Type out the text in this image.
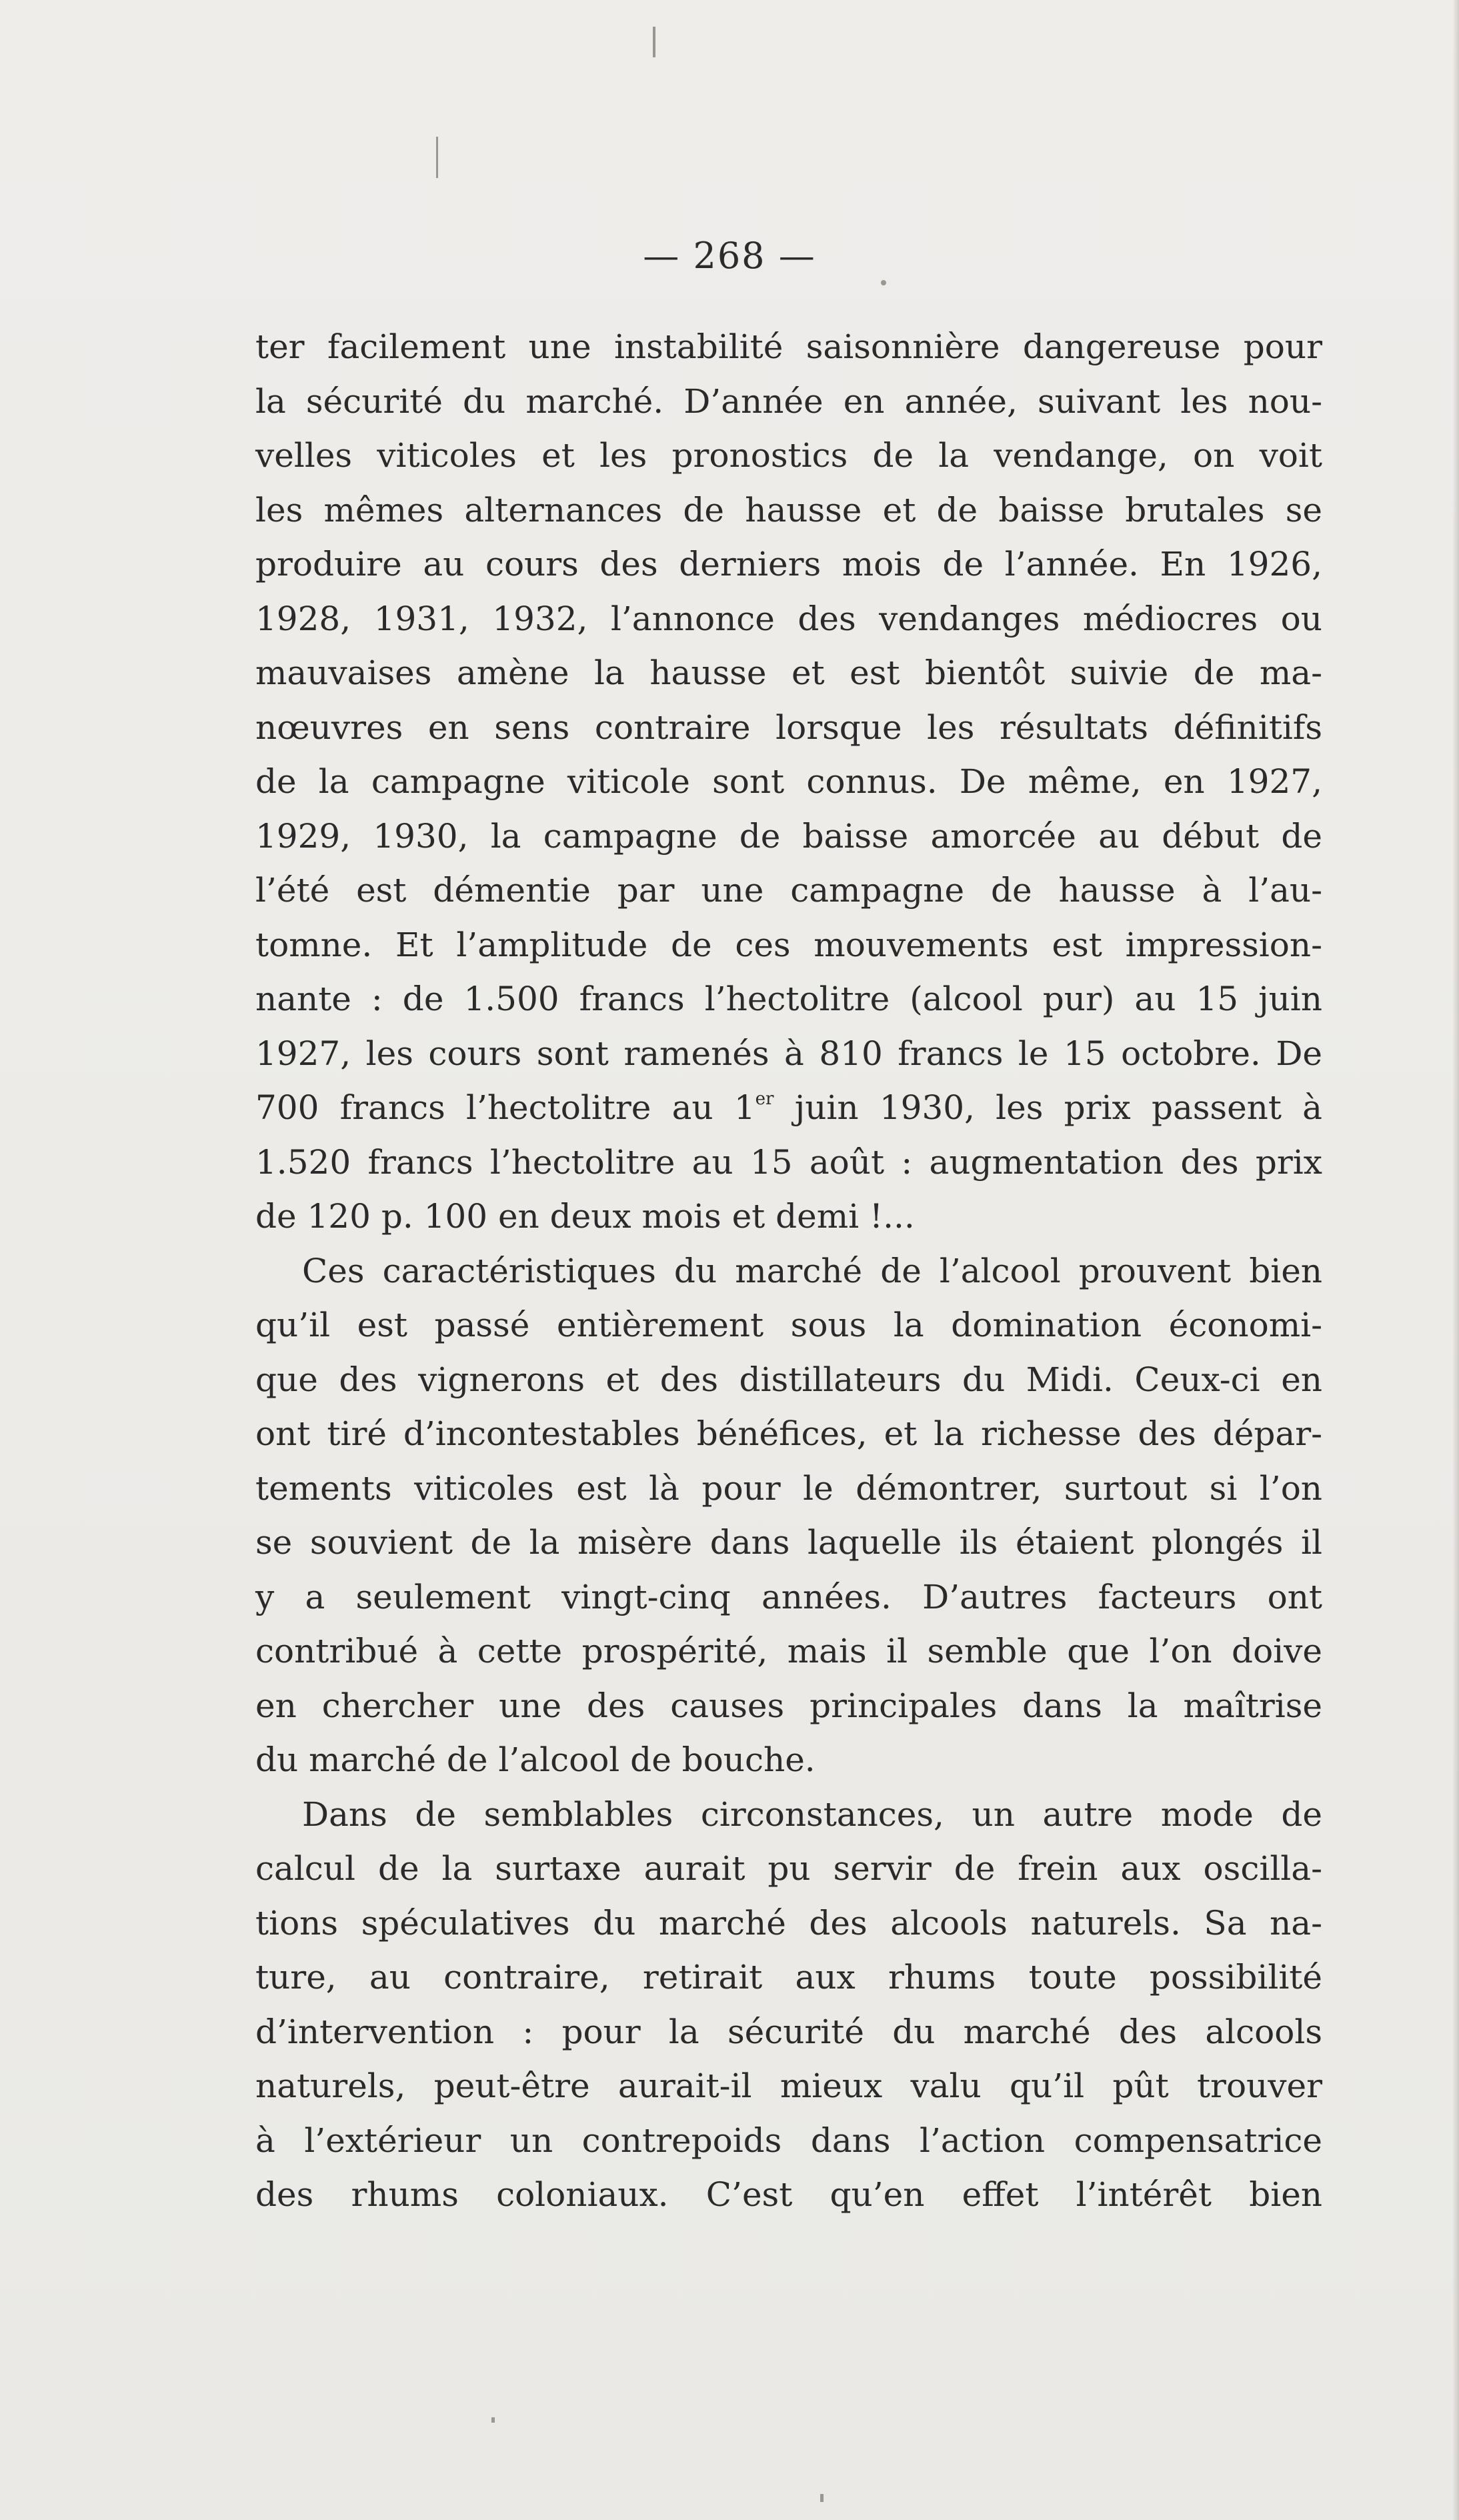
— 268 —
ter facilement une instabilité saisonnière dangereuse pour
la sécurité du marché. D’année en année, suivant les nou-
velles viticoles et les pronostics de la vendange, on voit
les mêmes alternances de hausse et de baisse brutales se
produire au cours des derniers mois de l’année. En 1926,
1928, 1931, 1932, l’annonce des vendanges médiocres ou
mauvaises amène la hausse et est bientôt suivie de ma-
nœuvres en sens contraire lorsque les résultats définitifs
de la campagne viticole sont connus. De même, en 1927,
1929, 1930, la campagne de baisse amorcée au début de
l’été est démentie par une campagne de hausse à l’au-
tomne. Et l’amplitude de ces mouvements est impression-
nante : de 1.500 francs l’hectolitre (alcool pur) au 15 juin
1927, les cours sont ramenés à 810 francs le 15 octobre. De
700 francs l’hectolitre au 1er juin 1930, les prix passent à
1.520 francs l’hectolitre au 15 août : augmentation des prix
de 120 p. 100 en deux mois et demi !...
Ces caractéristiques du marché de l’alcool prouvent bien
qu’il est passé entièrement sous la domination économi-
que des vignerons et des distillateurs du Midi. Ceux-ci en
ont tiré d’incontestables bénéfices, et la richesse des dépar-
tements viticoles est là pour le démontrer, surtout si l’on
se souvient de la misère dans laquelle ils étaient plongés il
y a seulement vingt-cinq années. D’autres facteurs ont
contribué à cette prospérité, mais il semble que l’on doive
en chercher une des causes principales dans la maîtrise
du marché de l’alcool de bouche.
Dans de semblables circonstances, un autre mode de
calcul de la surtaxe aurait pu servir de frein aux oscilla-
tions spéculatives du marché des alcools naturels. Sa na-
ture, au contraire, retirait aux rhums toute possibilité
d’intervention : pour la sécurité du marché des alcools
naturels, peut-être aurait-il mieux valu qu’il pût trouver
à l’extérieur un contrepoids dans l’action compensatrice
des rhums coloniaux. C’est qu’en effet l’intérêt bien
